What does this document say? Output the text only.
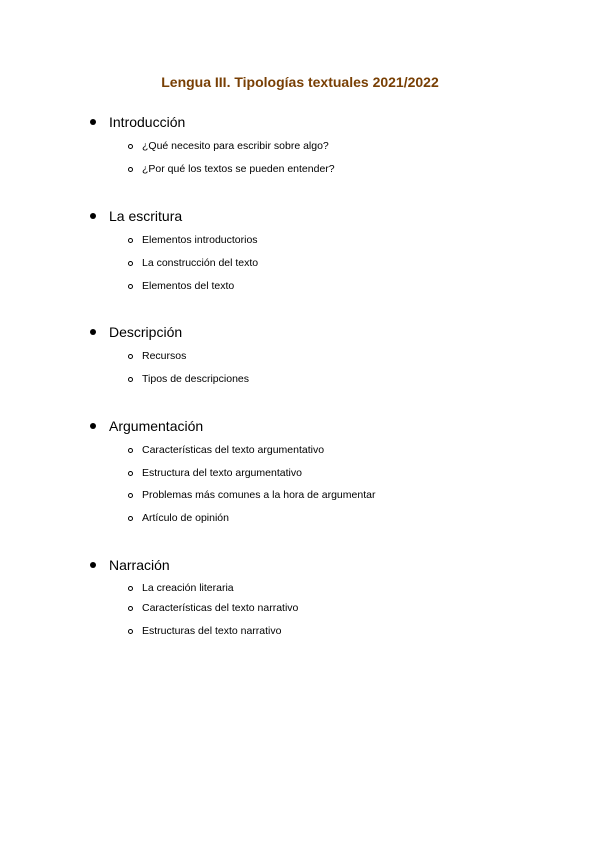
Lengua III. Tipologías textuales 2021/2022
Introducción
¿Qué necesito para escribir sobre algo?
¿Por qué los textos se pueden entender?
La escritura
Elementos introductorios
La construcción del texto
Elementos del texto
Descripción
Recursos
Tipos de descripciones
Argumentación
Características del texto argumentativo
Estructura del texto argumentativo
Problemas más comunes a la hora de argumentar
Artículo de opinión
Narración
La creación literaria
Características del texto narrativo
Estructuras del texto narrativo
